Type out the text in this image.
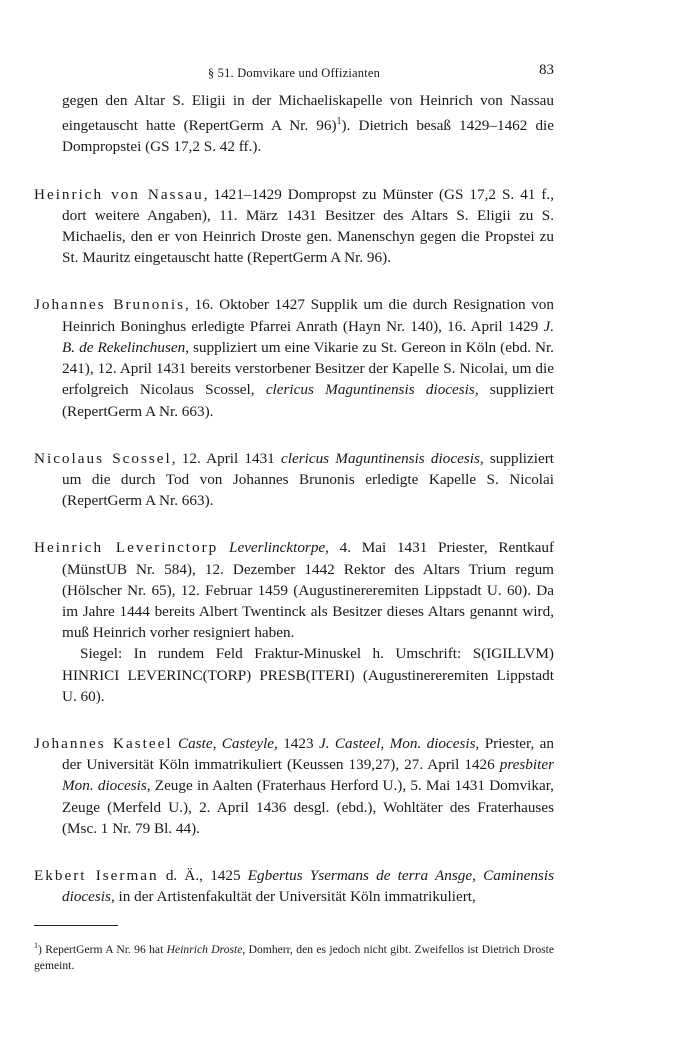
§ 51. Domvikare und Offizianten	83

gegen den Altar S. Eligii in der Michaeliskapelle von Heinrich von Nassau eingetauscht hatte (RepertGerm A Nr. 96)$^1$). Dietrich besaß 1429–1462 die Dompropstei (GS 17,2 S. 42 ff.).

Heinrich von Nassau, 1421–1429 Dompropst zu Münster (GS 17,2 S. 41 f., dort weitere Angaben), 11. März 1431 Besitzer des Altars S. Eligii zu S. Michaelis, den er von Heinrich Droste gen. Manenschyn gegen die Propstei zu St. Mauritz eingetauscht hatte (RepertGerm A Nr. 96).

Johannes Brunonis, 16. Oktober 1427 Supplik um die durch Resignation von Heinrich Boninghus erledigte Pfarrei Anrath (Hayn Nr. 140), 16. April 1429 J. B. de Rekelinchusen, suppliziert um eine Vikarie zu St. Gereon in Köln (ebd. Nr. 241), 12. April 1431 bereits verstorbener Besitzer der Kapelle S. Nicolai, um die erfolgreich Nicolaus Scossel, clericus Maguntinensis diocesis, suppliziert (RepertGerm A Nr. 663).

Nicolaus Scossel, 12. April 1431 clericus Maguntinensis diocesis, suppliziert um die durch Tod von Johannes Brunonis erledigte Kapelle S. Nicolai (RepertGerm A Nr. 663).

Heinrich Leverinctorp Leverlincktorpe, 4. Mai 1431 Priester, Rentkauf (MünstUB Nr. 584), 12. Dezember 1442 Rektor des Altars Trium regum (Hölscher Nr. 65), 12. Februar 1459 (Augustinereremiten Lippstadt U. 60). Da im Jahre 1444 bereits Albert Twentinck als Besitzer dieses Altars genannt wird, muß Heinrich vorher resigniert haben.
Siegel: In rundem Feld Fraktur-Minuskel h. Umschrift: S(IGILLVM) HINRICI LEVERINC(TORP) PRESB(ITERI) (Augustinereremiten Lippstadt U. 60).

Johannes Kasteel Caste, Casteyle, 1423 J. Casteel, Mon. diocesis, Priester, an der Universität Köln immatrikuliert (Keussen 139,27), 27. April 1426 presbiter Mon. diocesis, Zeuge in Aalten (Fraterhaus Herford U.), 5. Mai 1431 Domvikar, Zeuge (Merfeld U.), 2. April 1436 desgl. (ebd.), Wohltäter des Fraterhauses (Msc. 1 Nr. 79 Bl. 44).

Ekbert Iserman d. Ä., 1425 Egbertus Ysermans de terra Ansge, Caminensis diocesis, in der Artistenfakultät der Universität Köln immatrikuliert,

$^1$) RepertGerm A Nr. 96 hat Heinrich Droste, Domherr, den es jedoch nicht gibt. Zweifellos ist Dietrich Droste gemeint.
